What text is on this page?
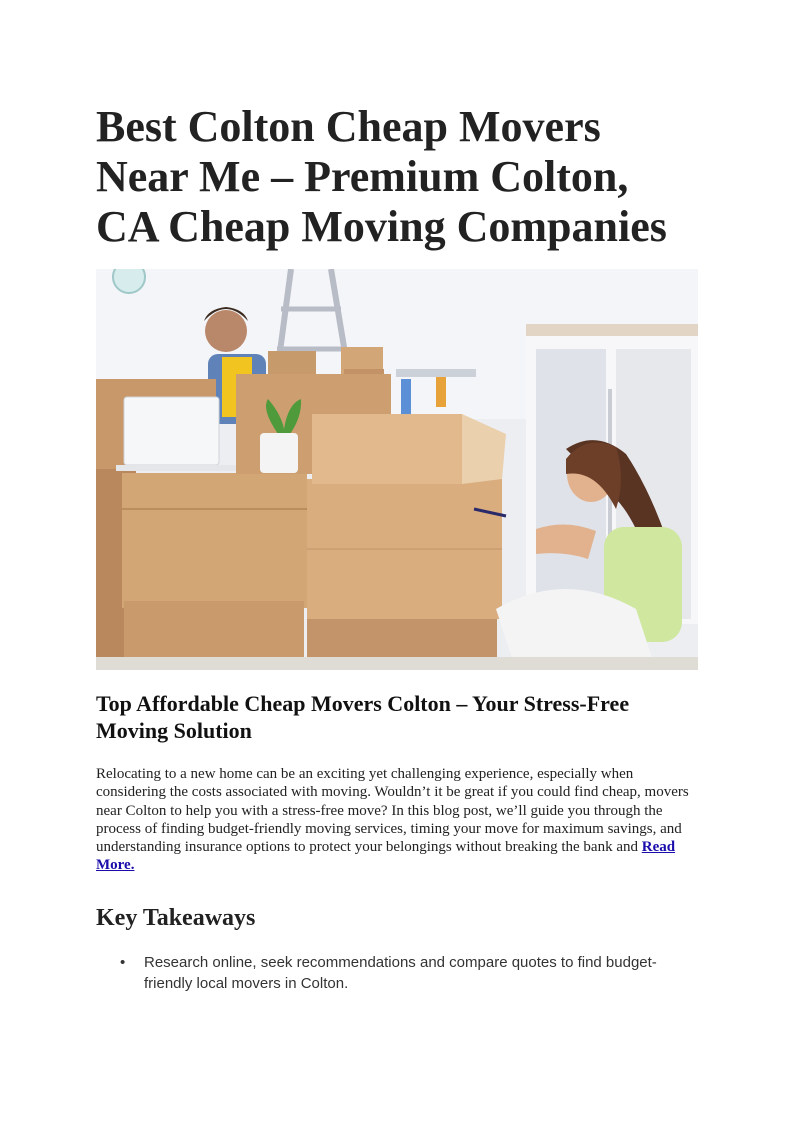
Best Colton Cheap Movers Near Me – Premium Colton, CA Cheap Moving Companies
Top Affordable Cheap Movers Colton – Your Stress-Free Moving Solution

Relocating to a new home can be an exciting yet challenging experience, especially when considering the costs associated with moving. Wouldn’t it be great if you could find cheap, movers near Colton to help you with a stress-free move? In this blog post, we’ll guide you through the process of finding budget-friendly moving services, timing your move for maximum savings, and understanding insurance options to protect your belongings without breaking the bank and Read More.

Key Takeaways
• Research online, seek recommendations and compare quotes to find budget-friendly local movers in Colton.
